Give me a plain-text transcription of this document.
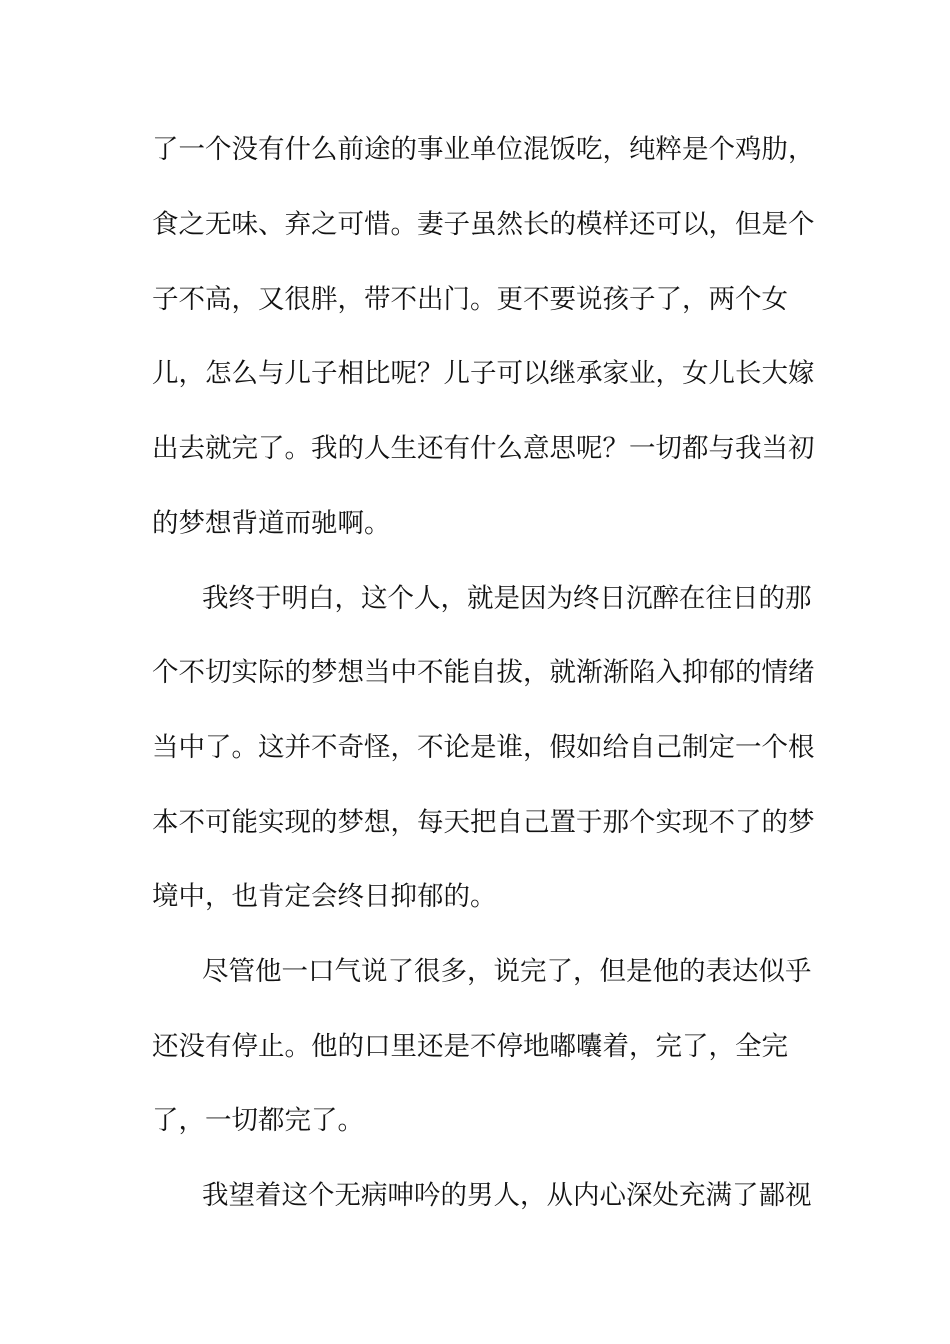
了一个没有什么前途的事业单位混饭吃，纯粹是个鸡肋，
食之无味、弃之可惜。妻子虽然长的模样还可以，但是个
子不高，又很胖，带不出门。更不要说孩子了，两个女
儿，怎么与儿子相比呢？儿子可以继承家业，女儿长大嫁
出去就完了。我的人生还有什么意思呢？一切都与我当初
的梦想背道而驰啊。
我终于明白，这个人，就是因为终日沉醉在往日的那
个不切实际的梦想当中不能自拔，就渐渐陷入抑郁的情绪
当中了。这并不奇怪，不论是谁，假如给自己制定一个根
本不可能实现的梦想，每天把自己置于那个实现不了的梦
境中，也肯定会终日抑郁的。
尽管他一口气说了很多，说完了，但是他的表达似乎
还没有停止。他的口里还是不停地嘟囔着，完了，全完
了，一切都完了。
我望着这个无病呻吟的男人，从内心深处充满了鄙视
